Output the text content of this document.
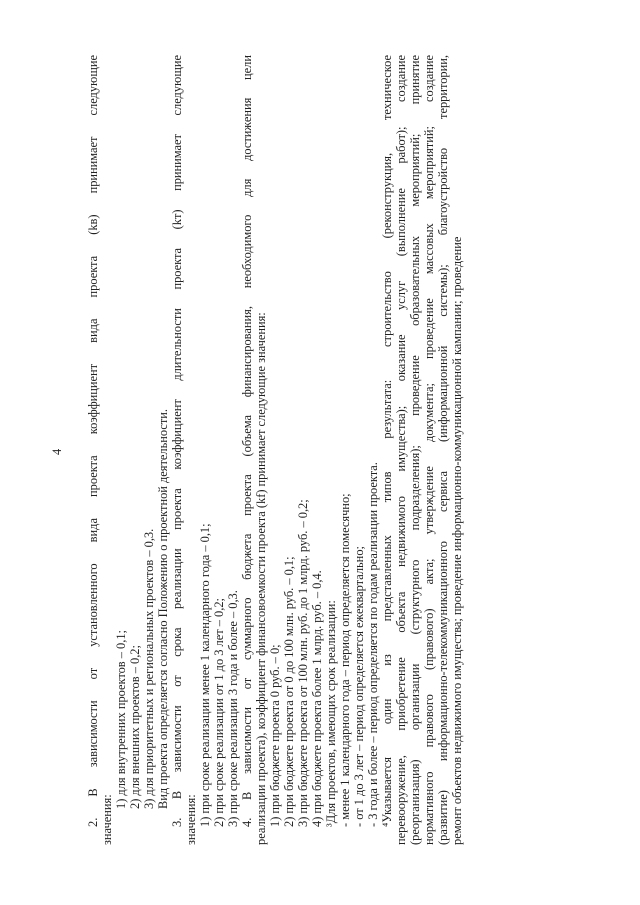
4 2. В зависимости от установленного вида проекта коэффициент вида проекта (kв) принимает следующие значения:
1) для внутренних проектов – 0,1; 2) для внешних проектов – 0,2; 3) для приоритетных и региональных проектов – 0,3. Вид проекта определяется согласно Положению о проектной деятельности. 3. В зависимости от срока реализации проекта коэффициент длительности проекта (kт) принимает следующие значения: 1) при сроке реализации менее 1 календарного года – 0,1; 2) при сроке реализации от 1 до 3 лет – 0,2; 3) при сроке реализации 3 года и более – 0,3. 4. В зависимости от суммарного бюджета проекта (объема финансирования, необходимого для достижения цели реализации проекта), коэффициент финансовоемкости проекта (kf) принимает следующие значения: 1) при бюджете проекта 0 руб. – 0; 2) при бюджете проекта от 0 до 100 млн. руб. – 0,1; 3) при бюджете проекта от 100 млн. руб. до 1 млрд. руб. – 0,2; 4) при бюджете проекта более 1 млрд. руб. – 0,4. ³Для проектов, имеющих срок реализации: - менее 1 календарного года – период определяется помесячно; - от 1 до 3 лет – период определяется ежеквартально; - 3 года и более – период определяется по годам реализации проекта. ⁴Указывается один из представленных типов результата: строительство (реконструкция, техническое перевооружение, приобретение объекта недвижимого имущества); оказание услуг (выполнение работ); создание (реорганизация) организации (структурного подразделения); проведение образовательных мероприятий; принятие нормативного правового (правового) акта; утверждение документа; проведение массовых мероприятий; создание (развитие) информационно-телекоммуникационного сервиса (информационной системы); благоустройство территории, ремонт объектов недвижимого имущества; проведение информационно-коммуникационной кампании; проведение
